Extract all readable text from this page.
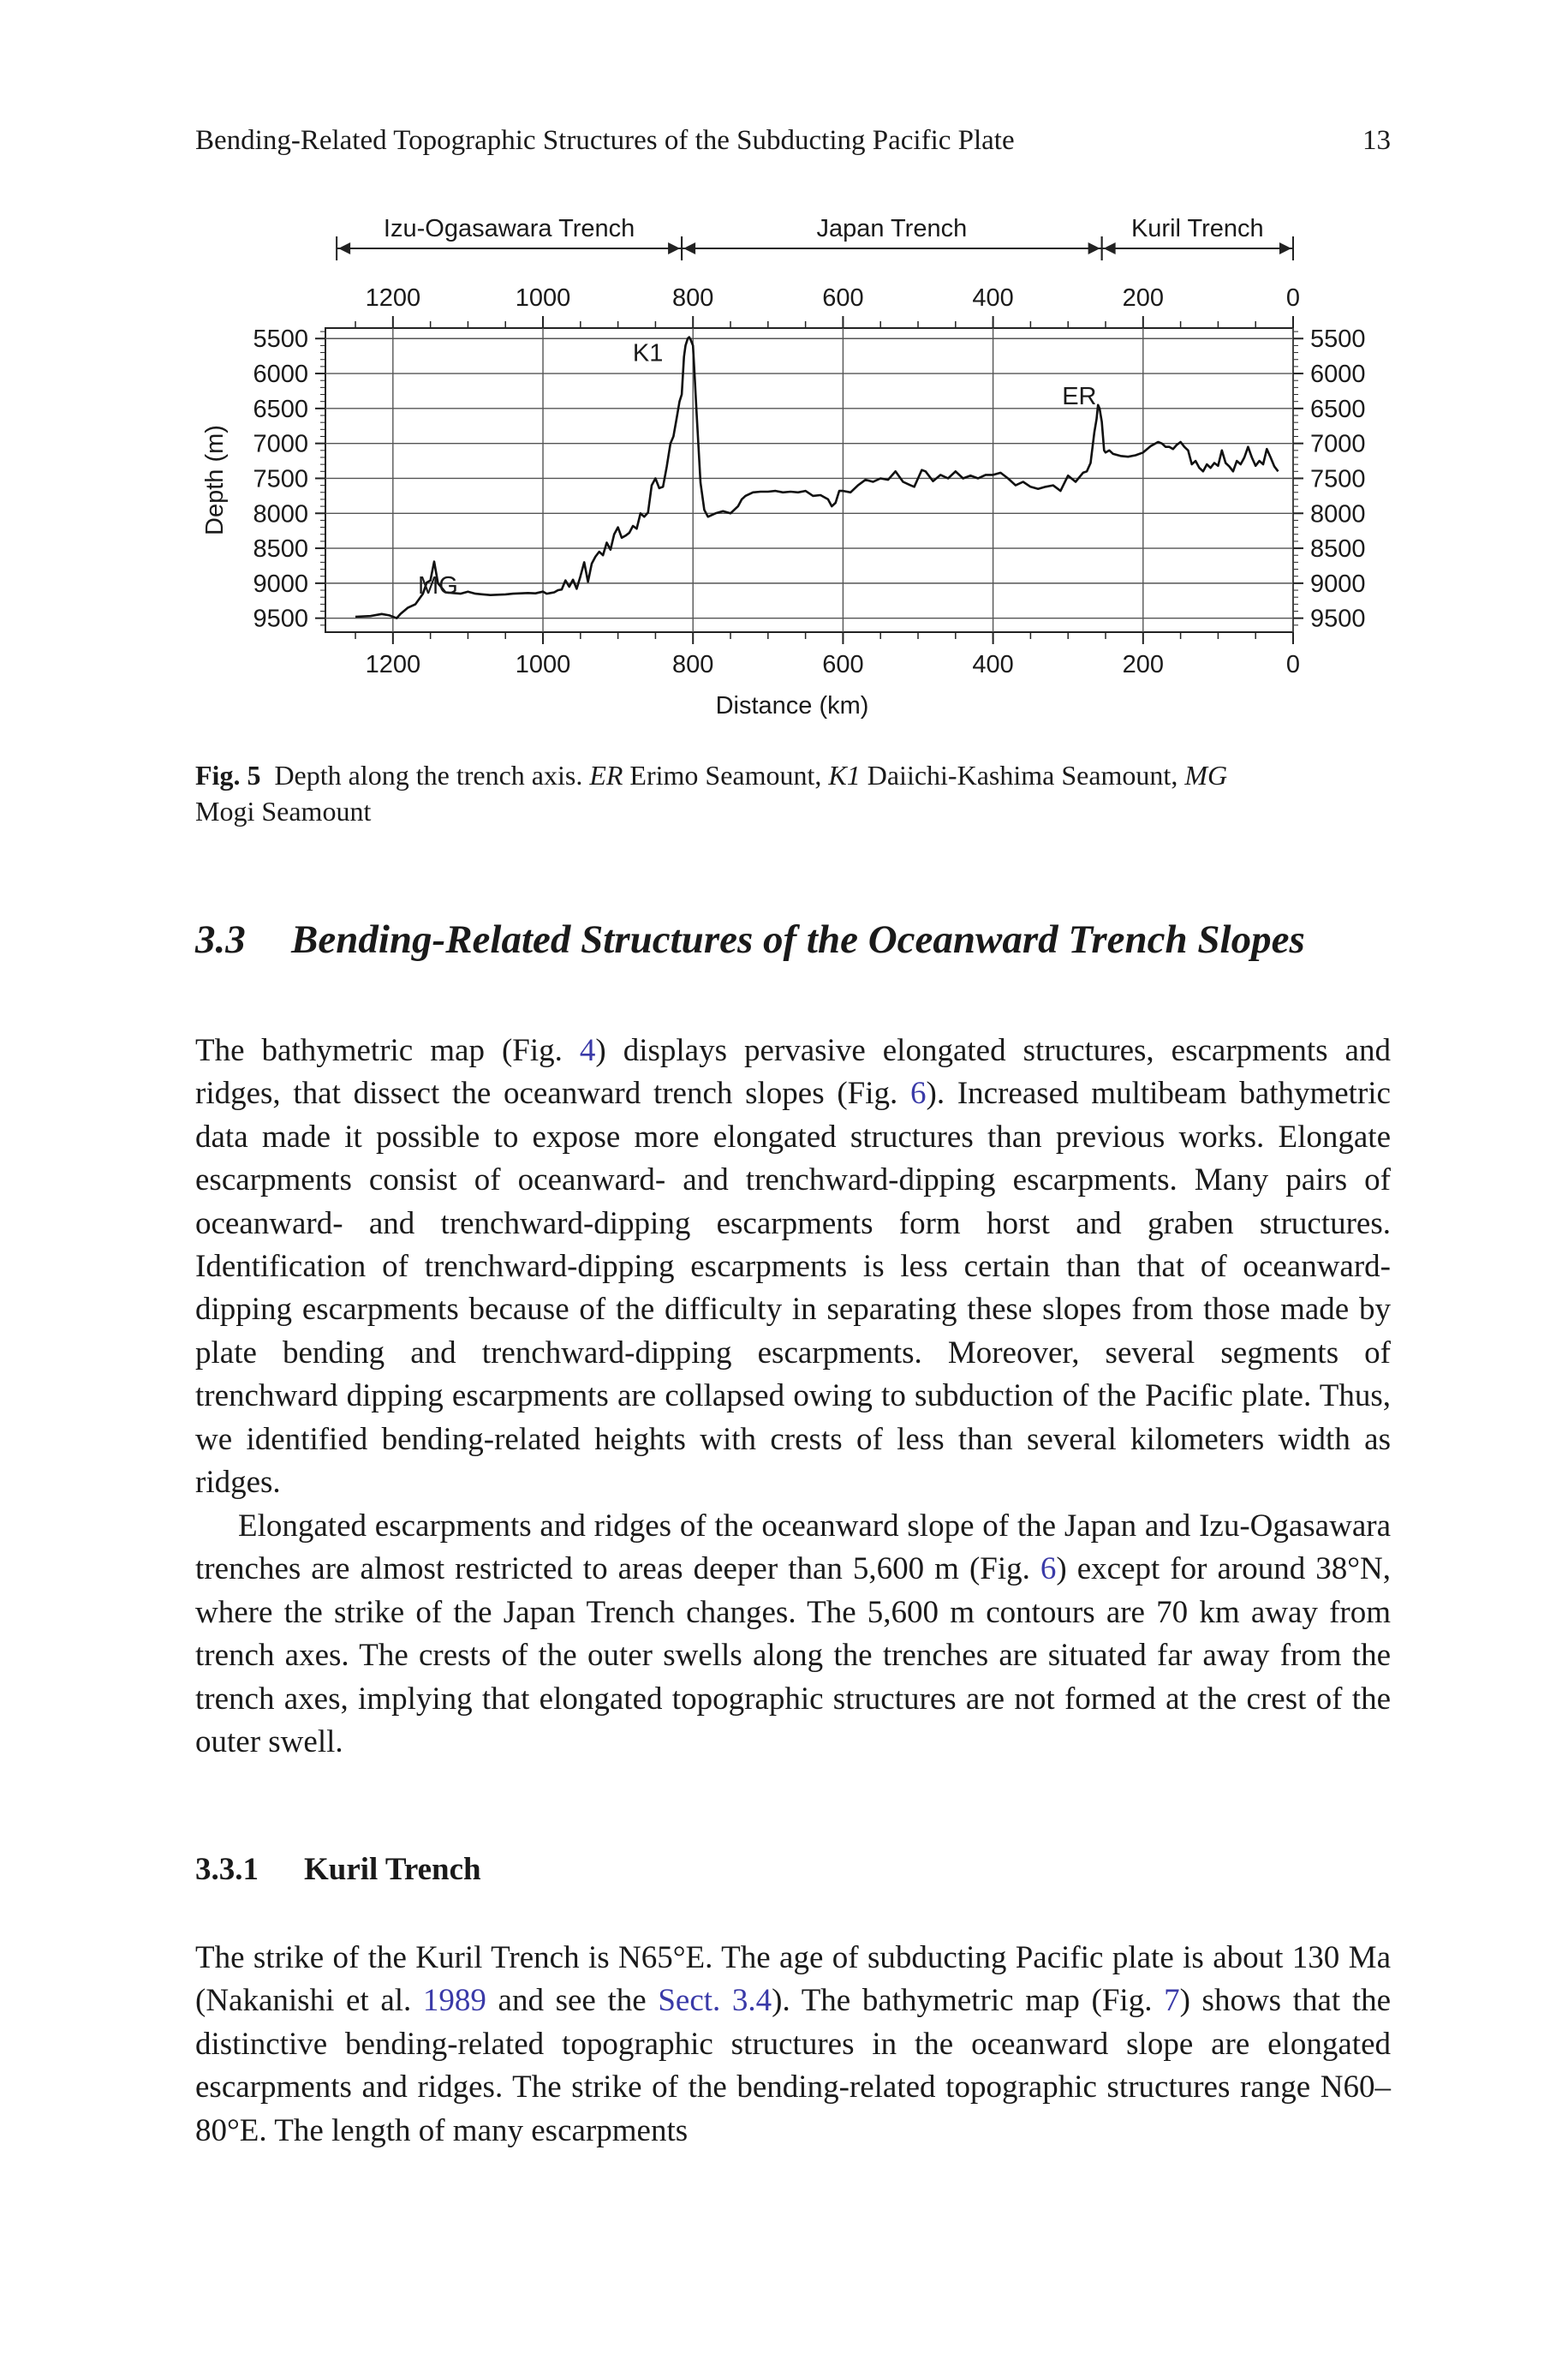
Bending-Related Topographic Structures of the Subducting Pacific Plate	13
1200
1200
1000
1000
800
800
600
600
400
400
200
200
0
0
5500	5500
6000	6000
6500	6500
7000	7000
7500	7500
8000	8000
8500	8500
9000	9000
9500	9500
Distance (km)
Depth (m)
Izu-Ogasawara Trench	Japan Trench	Kuril Trench
MG
K1
ER
Fig. 5 Depth along the trench axis. ER Erimo Seamount, K1 Daiichi-Kashima Seamount, MG
Mogi Seamount
3.3 Bending-Related Structures of the Oceanward Trench Slopes

The bathymetric map (Fig. 4) displays pervasive elongated structures, escarpments and ridges, that dissect the oceanward trench slopes (Fig. 6). Increased multibeam bathymetric data made it possible to expose more elongated structures than previous works. Elongate escarpments consist of oceanward- and trenchward-dipping escarpments. Many pairs of oceanward- and trenchward-dipping escarpments form horst and graben structures. Identification of trenchward-dipping escarpments is less certain than that of oceanward-dipping escarpments because of the difficulty in separating these slopes from those made by plate bending and trenchward-dipping escarpments. Moreover, several segments of trenchward dipping escarpments are collapsed owing to subduction of the Pacific plate. Thus, we identified bending-related heights with crests of less than several kilometers width as ridges.

Elongated escarpments and ridges of the oceanward slope of the Japan and Izu-Ogasawara trenches are almost restricted to areas deeper than 5,600 m (Fig. 6) except for around 38°N, where the strike of the Japan Trench changes. The 5,600 m contours are 70 km away from trench axes. The crests of the outer swells along the trenches are situated far away from the trench axes, implying that elongated topographic structures are not formed at the crest of the outer swell.

3.3.1 Kuril Trench

The strike of the Kuril Trench is N65°E. The age of subducting Pacific plate is about 130 Ma (Nakanishi et al. 1989 and see the Sect. 3.4). The bathymetric map (Fig. 7) shows that the distinctive bending-related topographic structures in the oceanward slope are elongated escarpments and ridges. The strike of the bending-related topographic structures range N60–80°E. The length of many escarpments
